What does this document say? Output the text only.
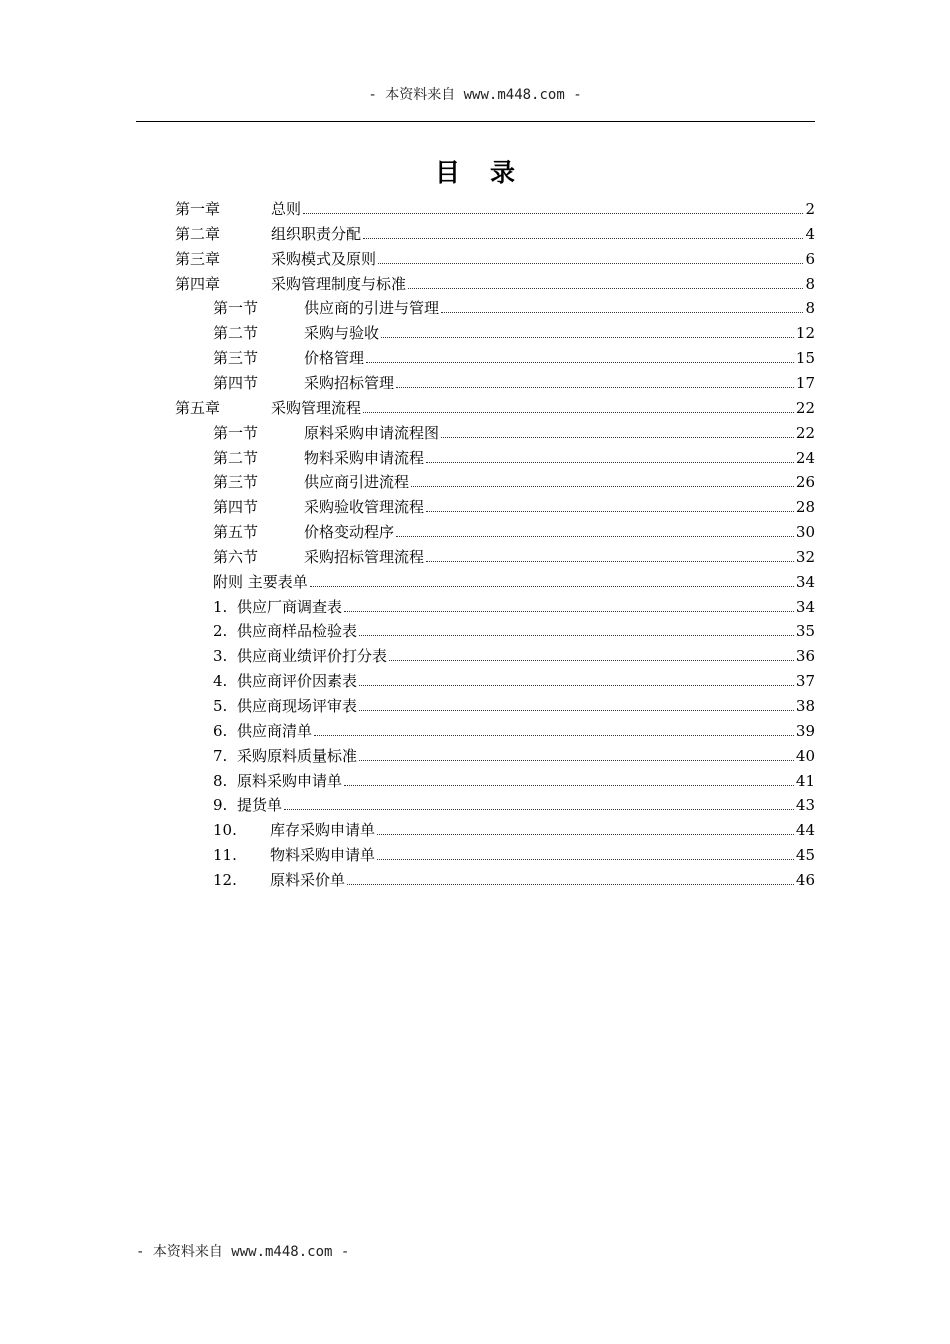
- 本资料来自 www.m448.com -
目 录
第一章	总则	2
第二章	组织职责分配	4
第三章	采购模式及原则	6
第四章	采购管理制度与标准	8
第一节	供应商的引进与管理	8
第二节	采购与验收	12
第三节	价格管理	15
第四节	采购招标管理	17
第五章	采购管理流程	22
第一节	原料采购申请流程图	22
第二节	物料采购申请流程	24
第三节	供应商引进流程	26
第四节	采购验收管理流程	28
第五节	价格变动程序	30
第六节	采购招标管理流程	32
附则 主要表单	34
1. 供应厂商调查表	34
2. 供应商样品检验表	35
3. 供应商业绩评价打分表	36
4. 供应商评价因素表	37
5. 供应商现场评审表	38
6. 供应商清单	39
7. 采购原料质量标准	40
8. 原料采购申请单	41
9. 提货单	43
10.	库存采购申请单	44
11.	物料采购申请单	45
12.	原料采价单	46
- 本资料来自 www.m448.com -
